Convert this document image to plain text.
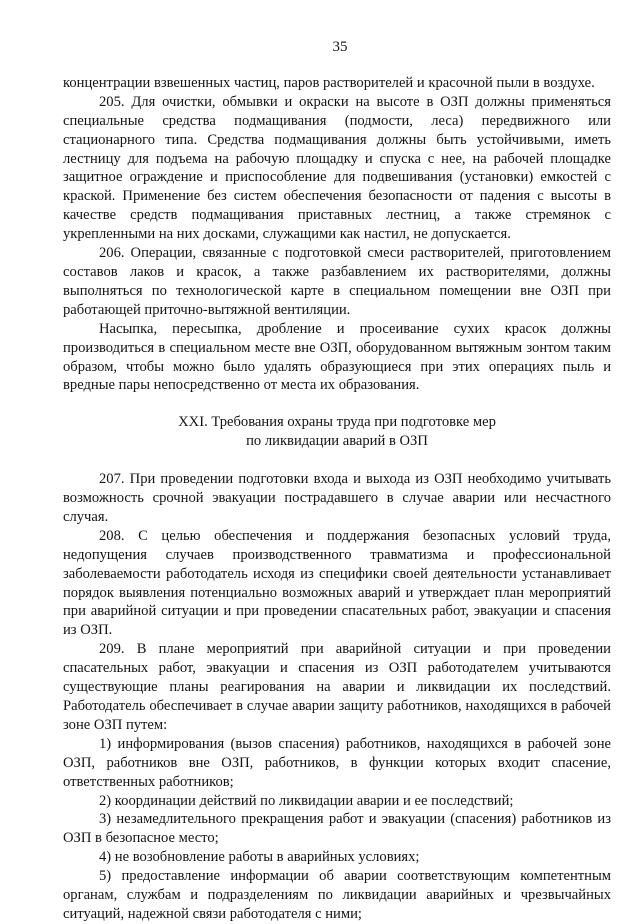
35

концентрации взвешенных частиц, паров растворителей и красочной пыли в воздухе.

205. Для очистки, обмывки и окраски на высоте в ОЗП должны применяться специальные средства подмащивания (подмости, леса) передвижного или стационарного типа. Средства подмащивания должны быть устойчивыми, иметь лестницу для подъема на рабочую площадку и спуска с нее, на рабочей площадке защитное ограждение и приспособление для подвешивания (установки) емкостей с краской. Применение без систем обеспечения безопасности от падения с высоты в качестве средств подмащивания приставных лестниц, а также стремянок с укрепленными на них досками, служащими как настил, не допускается.

206. Операции, связанные с подготовкой смеси растворителей, приготовлением составов лаков и красок, а также разбавлением их растворителями, должны выполняться по технологической карте в специальном помещении вне ОЗП при работающей приточно-вытяжной вентиляции.

Насыпка, пересыпка, дробление и просеивание сухих красок должны производиться в специальном месте вне ОЗП, оборудованном вытяжным зонтом таким образом, чтобы можно было удалять образующиеся при этих операциях пыль и вредные пары непосредственно от места их образования.

XXI. Требования охраны труда при подготовке мер
по ликвидации аварий в ОЗП

207. При проведении подготовки входа и выхода из ОЗП необходимо учитывать возможность срочной эвакуации пострадавшего в случае аварии или несчастного случая.

208. С целью обеспечения и поддержания безопасных условий труда, недопущения случаев производственного травматизма и профессиональной заболеваемости работодатель исходя из специфики своей деятельности устанавливает порядок выявления потенциально возможных аварий и утверждает план мероприятий при аварийной ситуации и при проведении спасательных работ, эвакуации и спасения из ОЗП.

209. В плане мероприятий при аварийной ситуации и при проведении спасательных работ, эвакуации и спасения из ОЗП работодателем учитываются существующие планы реагирования на аварии и ликвидации их последствий. Работодатель обеспечивает в случае аварии защиту работников, находящихся в рабочей зоне ОЗП путем:

1) информирования (вызов спасения) работников, находящихся в рабочей зоне ОЗП, работников вне ОЗП, работников, в функции которых входит спасение, ответственных работников;

2) координации действий по ликвидации аварии и ее последствий;

3) незамедлительного прекращения работ и эвакуации (спасения) работников из ОЗП в безопасное место;

4) не возобновление работы в аварийных условиях;

5) предоставление информации об аварии соответствующим компетентным органам, службам и подразделениям по ликвидации аварийных и чрезвычайных ситуаций, надежной связи работодателя с ними;
